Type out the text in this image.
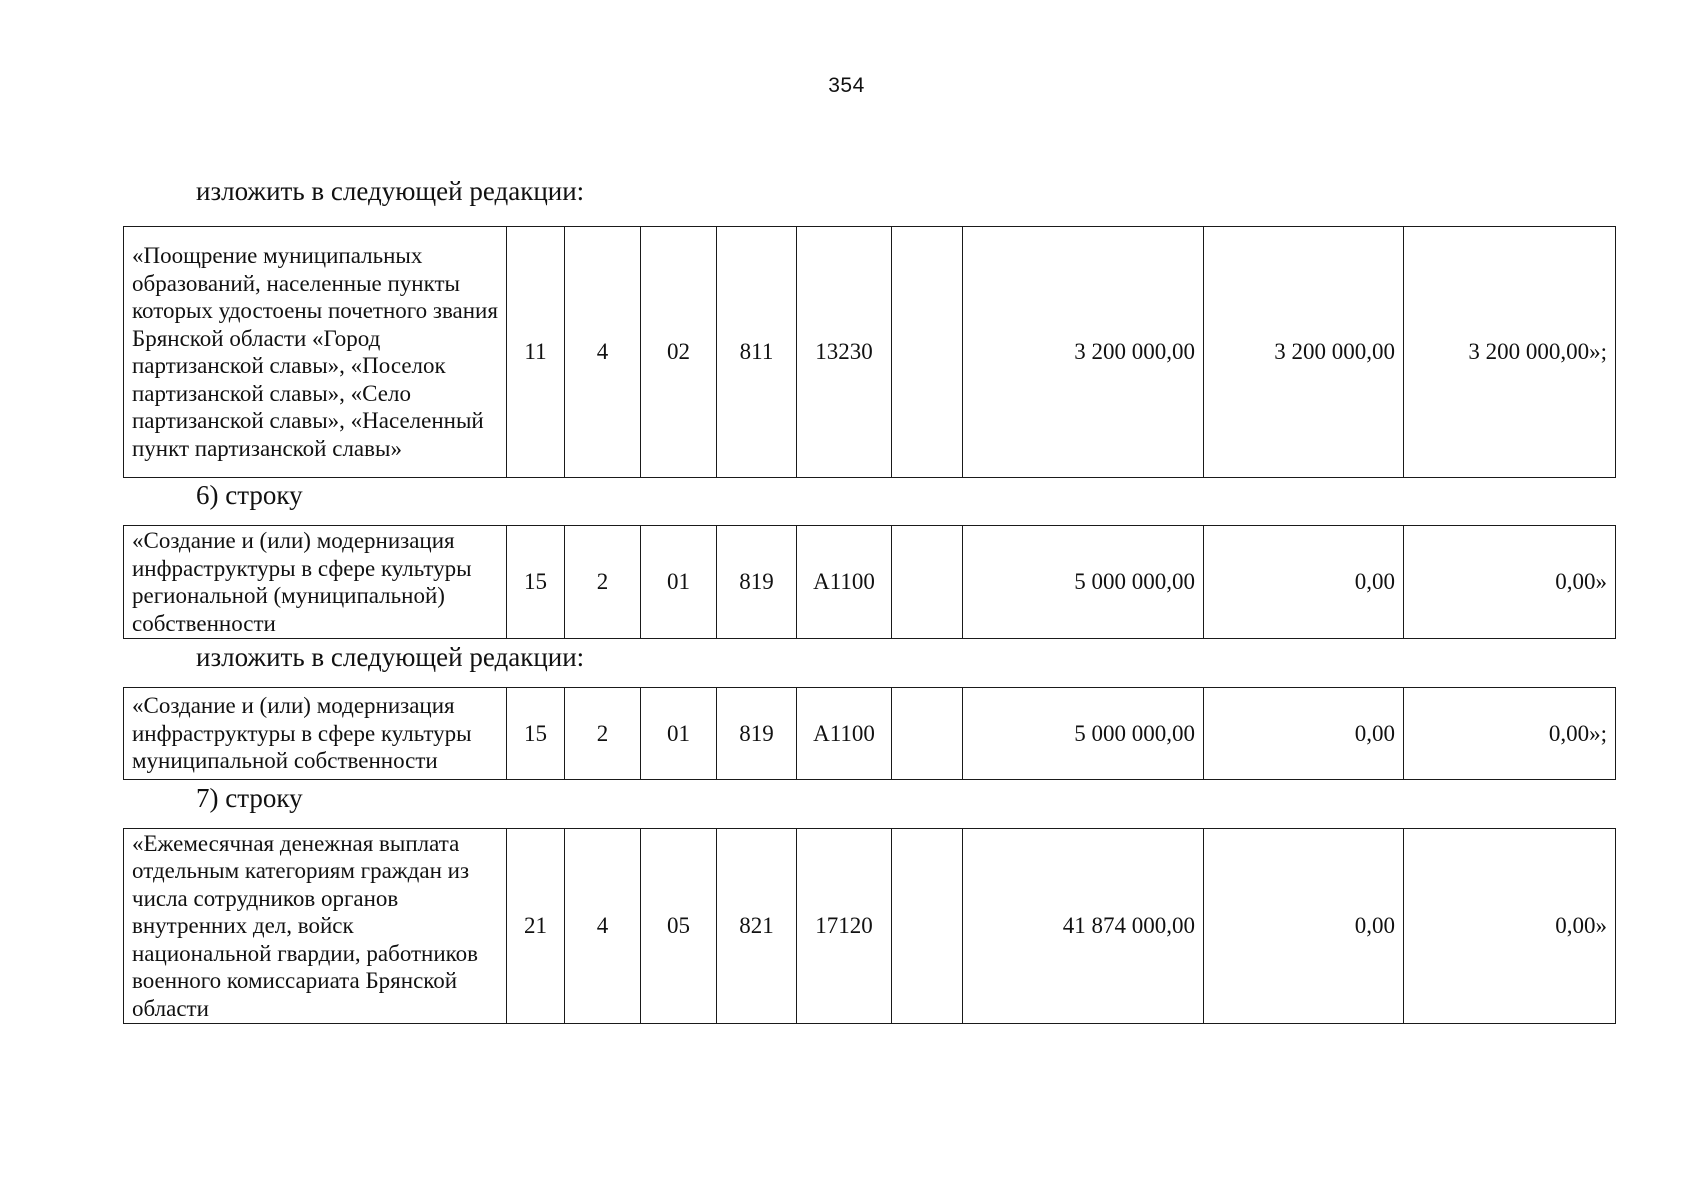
354
изложить в следующей редакции:
«Поощрение муниципальных образований, населенные пункты которых удостоены почетного звания Брянской области «Город партизанской славы», «Поселок партизанской славы», «Село партизанской славы», «Населенный пункт партизанской славы»	11	4	02	811	13230		3 200 000,00	3 200 000,00	3 200 000,00»;
6) строку
«Создание и (или) модернизация инфраструктуры в сфере культуры региональной (муниципальной) собственности	15	2	01	819	А1100		5 000 000,00	0,00	0,00»
изложить в следующей редакции:
«Создание и (или) модернизация инфраструктуры в сфере культуры муниципальной собственности	15	2	01	819	А1100		5 000 000,00	0,00	0,00»;
7) строку
«Ежемесячная денежная выплата отдельным категориям граждан из числа сотрудников органов внутренних дел, войск национальной гвардии, работников военного комиссариата Брянской области	21	4	05	821	17120		41 874 000,00	0,00	0,00»
